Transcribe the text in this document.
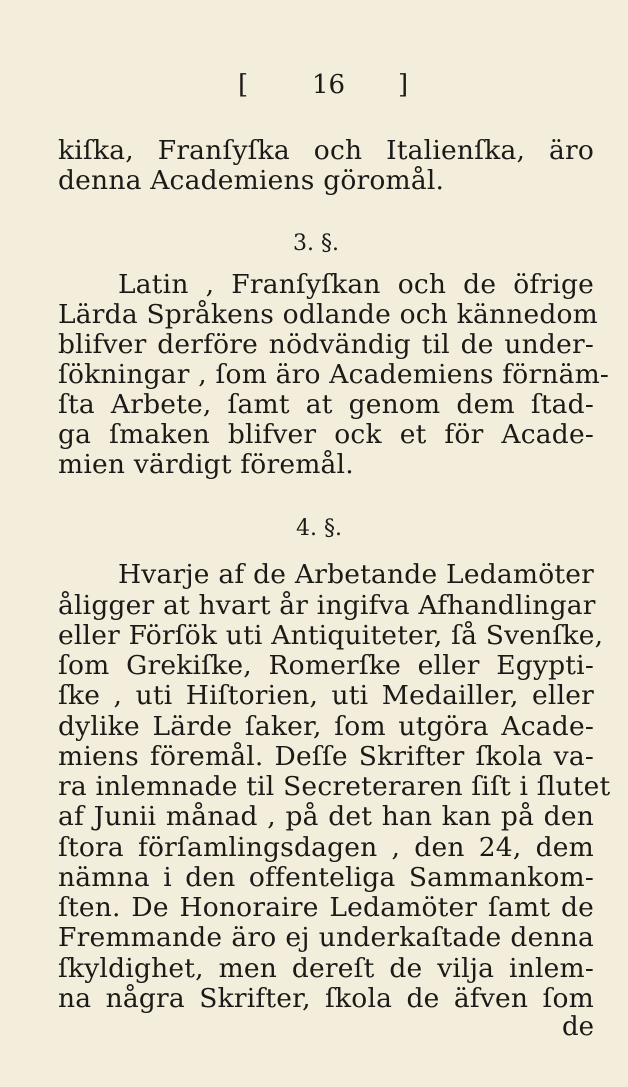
[ 16 ]
kiſka, Franſyſka och Italienſka, äro
denna Academiens göromål.
3. §.
Latin , Franſyſkan och de öfrige
Lärda Språkens odlande och kännedom
blifver derföre nödvändig til de under-
ſökningar , ſom äro Academiens förnäm-
ſta Arbete, ſamt at genom dem ſtad-
ga ſmaken blifver ock et för Acade-
mien värdigt föremål.
4. §.
Hvarje af de Arbetande Ledamöter
åligger at hvart år ingifva Afhandlingar
eller Förſök uti Antiquiteter, ſå Svenſke,
ſom Grekiſke, Romerſke eller Egypti-
ſke , uti Hiſtorien, uti Medailler, eller
dylike Lärde ſaker, ſom utgöra Acade-
miens föremål. Deſſe Skrifter ſkola va-
ra inlemnade til Secreteraren ſiſt i ſlutet
af Junii månad , på det han kan på den
ſtora förſamlingsdagen , den 24, dem
nämna i den offenteliga Sammankom-
ſten. De Honoraire Ledamöter ſamt de
Fremmande äro ej underkaſtade denna
ſkyldighet, men dereſt de vilja inlem-
na några Skrifter, ſkola de äfven ſom
de
